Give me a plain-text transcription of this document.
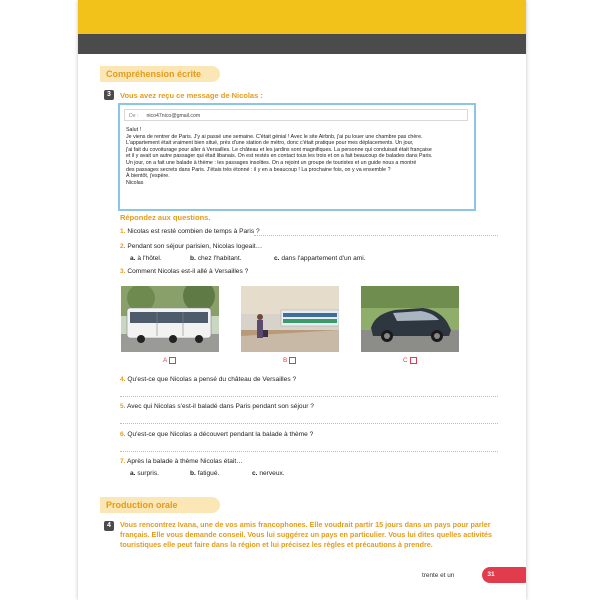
Compréhension écrite
3	Vous avez reçu ce message de Nicolas :
De : nico47nico@gmail.com
Salut !
Je viens de rentrer de Paris. J'y ai passé une semaine. C'était génial ! Avec le site Airbnb, j'ai pu louer une chambre pas chère.
L'appartement était vraiment bien situé, près d'une station de métro, donc c'était pratique pour mes déplacements. Un jour,
j'ai fait du covoiturage pour aller à Versailles. Le château et les jardins sont magnifiques. La personne qui conduisait était française
et il y avait un autre passager qui était libanais. On est restés en contact tous les trois et on a fait beaucoup de balades dans Paris.
Un jour, on a fait une balade à thème : les passages insolites. On a rejoint un groupe de touristes et un guide nous a montré
des passages secrets dans Paris. J'étais très étonné : il y en a beaucoup ! La prochaine fois, on y va ensemble ?
À bientôt, j'espère.
Nicolas
Répondez aux questions.
1. Nicolas est resté combien de temps à Paris ?
2. Pendant son séjour parisien, Nicolas logeait…
a. à l'hôtel.	b. chez l'habitant.	c. dans l'appartement d'un ami.
3. Comment Nicolas est-il allé à Versailles ?
A	B	C
4. Qu'est-ce que Nicolas a pensé du château de Versailles ?
5. Avec qui Nicolas s'est-il baladé dans Paris pendant son séjour ?
6. Qu'est-ce que Nicolas a découvert pendant la balade à thème ?
7. Après la balade à thème Nicolas était…
a. surpris.	b. fatigué.	c. nerveux.
Production orale
4	Vous rencontrez Ivana, une de vos amis francophones. Elle voudrait partir 15 jours dans un pays pour parler français. Elle vous demande conseil. Vous lui suggérez un pays en particulier. Vous lui dites quelles activités touristiques elle peut faire dans la région et lui précisez les règles et précautions à prendre.
trente et un	31
